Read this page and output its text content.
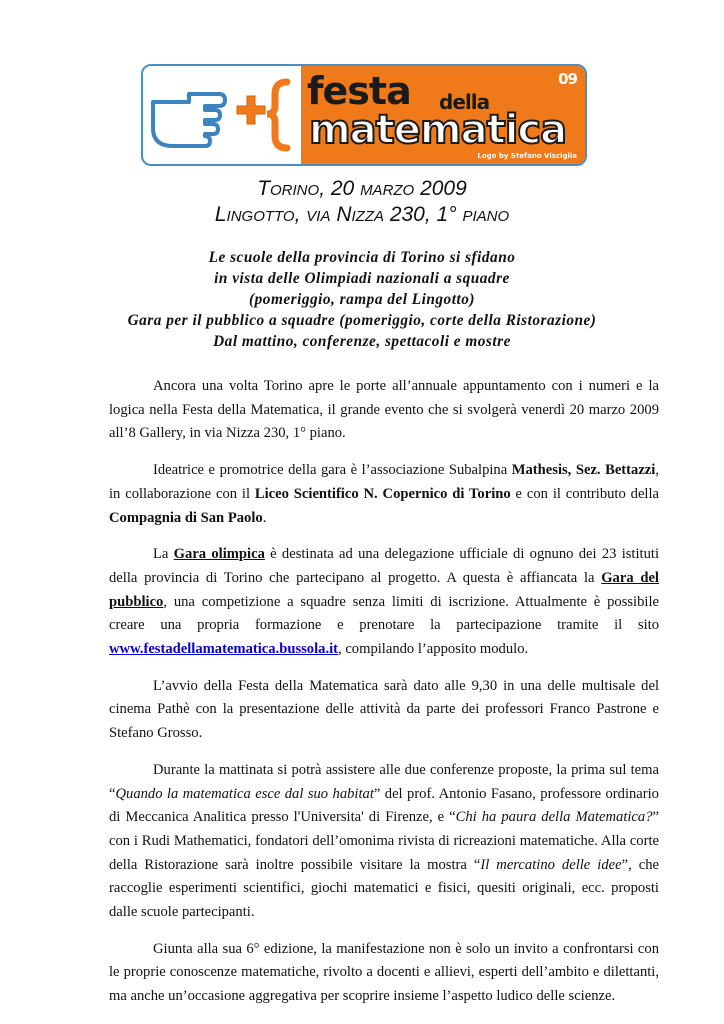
festa della
matematica
09
Logo by Stefano Visciglia
TORINO, 20 MARZO 2009
LINGOTTO, VIA NIZZA 230, 1° PIANO
Le scuole della provincia di Torino si sfidano
in vista delle Olimpiadi nazionali a squadre
(pomeriggio, rampa del Lingotto)
Gara per il pubblico a squadre (pomeriggio, corte della Ristorazione)
Dal mattino, conferenze, spettacoli e mostre

Ancora una volta Torino apre le porte all’annuale appuntamento con i numeri e la logica nella Festa della Matematica, il grande evento che si svolgerà venerdì 20 marzo 2009 all’8 Gallery, in via Nizza 230, 1° piano.

Ideatrice e promotrice della gara è l’associazione Subalpina Mathesis, Sez. Bettazzi, in collaborazione con il Liceo Scientifico N. Copernico di Torino e con il contributo della Compagnia di San Paolo.

La Gara olimpica è destinata ad una delegazione ufficiale di ognuno dei 23 istituti della provincia di Torino che partecipano al progetto. A questa è affiancata la Gara del pubblico, una competizione a squadre senza limiti di iscrizione. Attualmente è possibile creare una propria formazione e prenotare la partecipazione tramite il sito www.festadellamatematica.bussola.it, compilando l’apposito modulo.

L’avvio della Festa della Matematica sarà dato alle 9,30 in una delle multisale del cinema Pathè con la presentazione delle attività da parte dei professori Franco Pastrone e Stefano Grosso.

Durante la mattinata si potrà assistere alle due conferenze proposte, la prima sul tema “Quando la matematica esce dal suo habitat” del prof. Antonio Fasano, professore ordinario di Meccanica Analitica presso l'Universita' di Firenze, e “Chi ha paura della Matematica?” con i Rudi Mathematici, fondatori dell’omonima rivista di ricreazioni matematiche. Alla corte della Ristorazione sarà inoltre possibile visitare la mostra “Il mercatino delle idee”, che raccoglie esperimenti scientifici, giochi matematici e fisici, quesiti originali, ecc. proposti dalle scuole partecipanti.

Giunta alla sua 6° edizione, la manifestazione non è solo un invito a confrontarsi con le proprie conoscenze matematiche, rivolto a docenti e allievi, esperti dell’ambito e dilettanti, ma anche un’occasione aggregativa per scoprire insieme l’aspetto ludico delle scienze.
